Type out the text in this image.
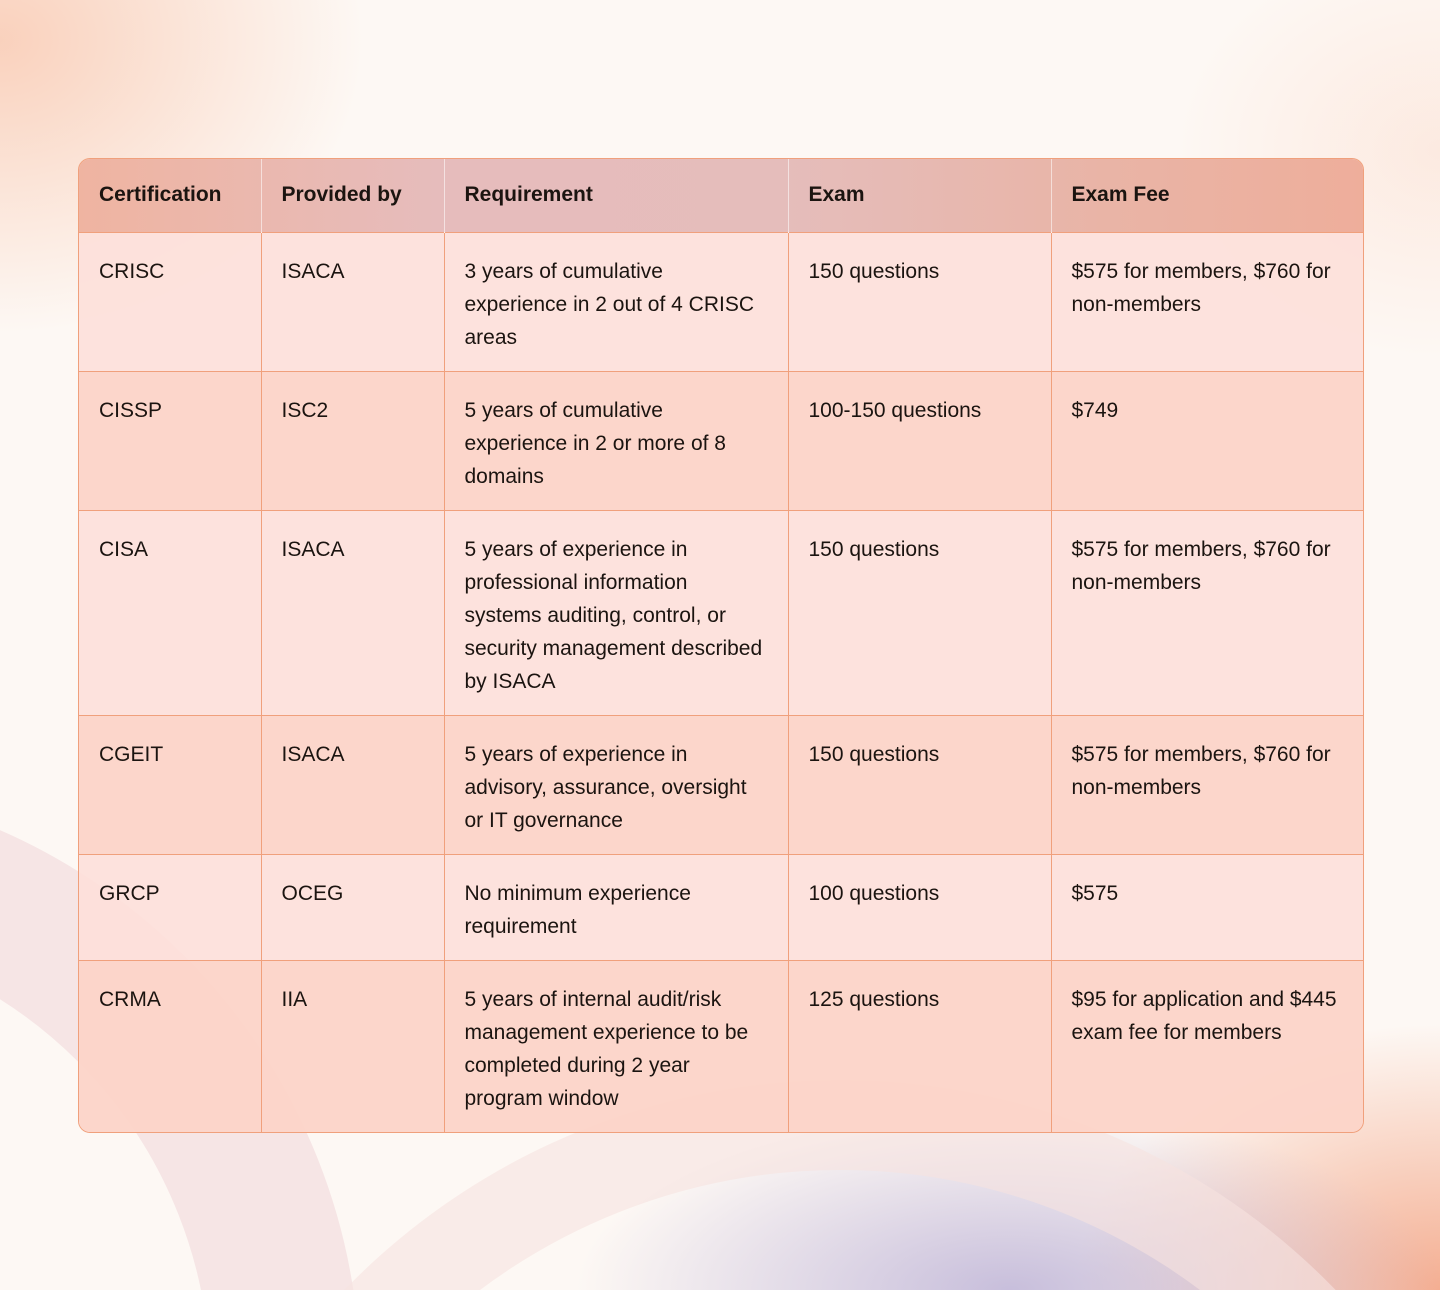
Certification	Provided by	Requirement	Exam	Exam Fee
CRISC	ISACA	3 years of cumulative experience in 2 out of 4 CRISC areas	150 questions	$575 for members, $760 for non-members
CISSP	ISC2	5 years of cumulative experience in 2 or more of 8 domains	100-150 questions	$749
CISA	ISACA	5 years of experience in professional information systems auditing, control, or security management described by ISACA	150 questions	$575 for members, $760 for non-members
CGEIT	ISACA	5 years of experience in advisory, assurance, oversight or IT governance	150 questions	$575 for members, $760 for non-members
GRCP	OCEG	No minimum experience requirement	100 questions	$575
CRMA	IIA	5 years of internal audit/risk management experience to be completed during 2 year program window	125 questions	$95 for application and $445 exam fee for members
